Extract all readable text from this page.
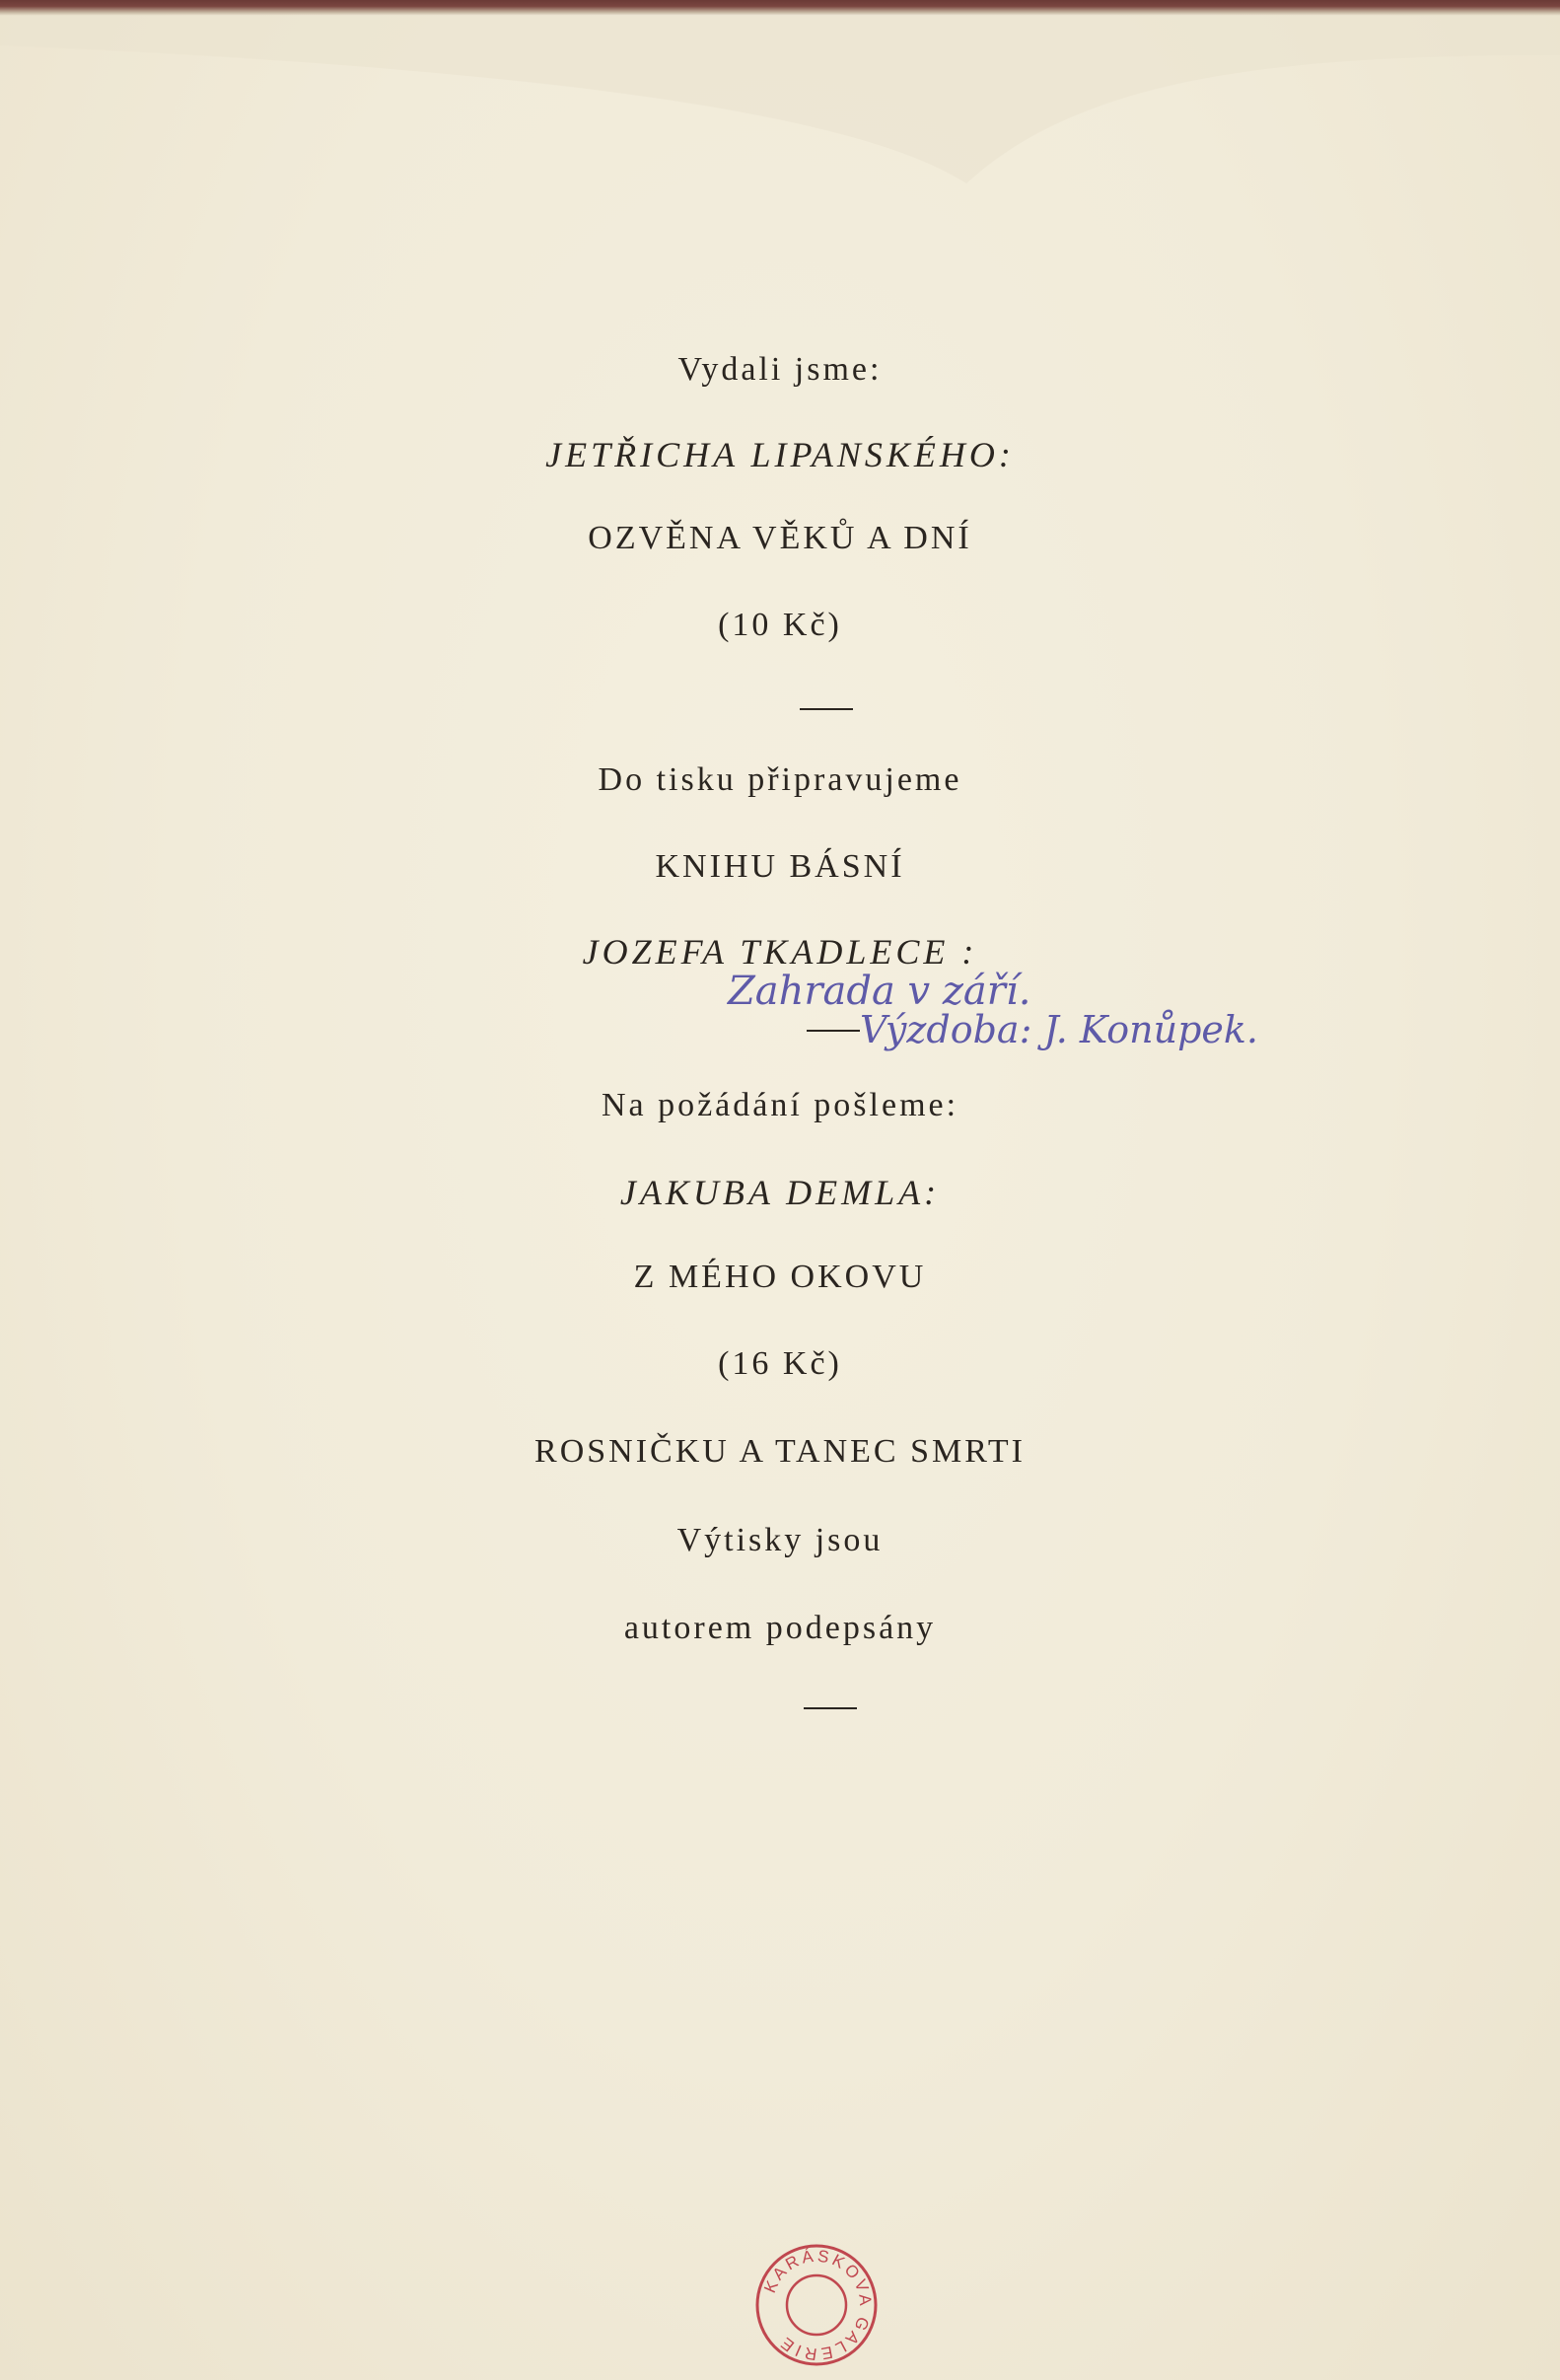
Vydali jsme:
JETŘICHA LIPANSKÉHO:
OZVĚNA VĚKŮ A DNÍ
(10 Kč)
Do tisku připravujeme
KNIHU BÁSNÍ
JOZEFA TKADLECE :
Zahrada v září.
Výzdoba: J. Konůpek.
Na požádání pošleme:
JAKUBA DEMLA:
Z MÉHO OKOVU
(16 Kč)
ROSNIČKU A TANEC SMRTI
Výtisky jsou
autorem podepsány
KARÁSKOVA GALERIE
